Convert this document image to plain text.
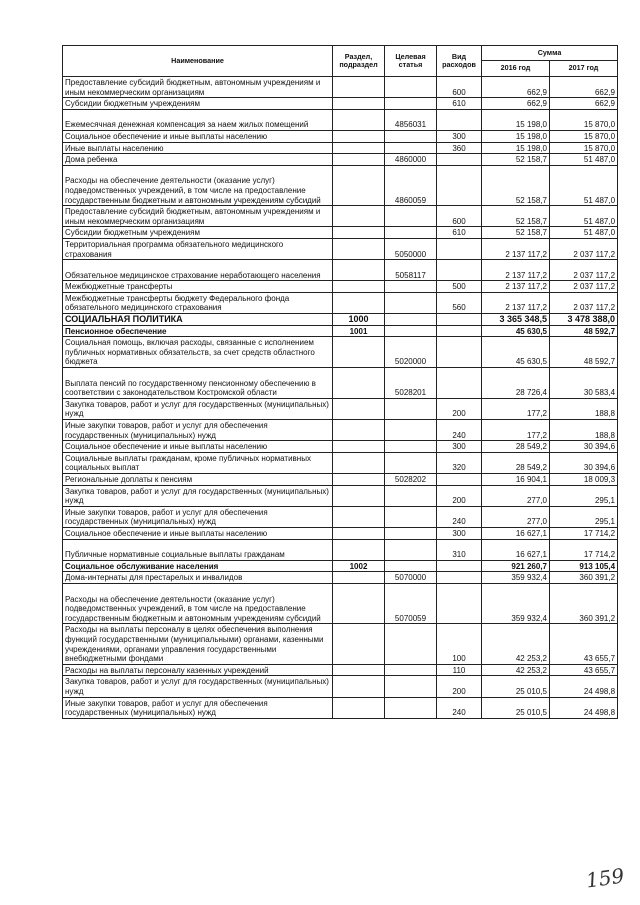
Наименование	Раздел, подраздел	Целевая статья	Вид расходов	Сумма	
				2016 год	2017 год
Предоставление субсидий бюджетным, автономным учреждениям и иным некоммерческим организациям			600	662,9	662,9
Субсидии бюджетным учреждениям			610	662,9	662,9
Ежемесячная денежная компенсация за наем жилых помещений		4856031		15 198,0	15 870,0
Социальное обеспечение и иные выплаты населению			300	15 198,0	15 870,0
Иные выплаты населению			360	15 198,0	15 870,0
Дома ребенка		4860000		52 158,7	51 487,0
Расходы на обеспечение деятельности (оказание услуг) подведомственных учреждений, в том числе на предоставление государственным бюджетным и автономным учреждениям субсидий		4860059		52 158,7	51 487,0
Предоставление субсидий бюджетным, автономным учреждениям и иным некоммерческим организациям			600	52 158,7	51 487,0
Субсидии бюджетным учреждениям			610	52 158,7	51 487,0
Территориальная программа обязательного медицинского страхования		5050000		2 137 117,2	2 037 117,2
Обязательное медицинское страхование неработающего населения		5058117		2 137 117,2	2 037 117,2
Межбюджетные трансферты			500	2 137 117,2	2 037 117,2
Межбюджетные трансферты бюджету Федерального фонда обязательного медицинского страхования			560	2 137 117,2	2 037 117,2
СОЦИАЛЬНАЯ ПОЛИТИКА	1000			3 365 348,5	3 478 388,0
Пенсионное обеспечение	1001			45 630,5	48 592,7
Социальная помощь, включая расходы, связанные с исполнением публичных нормативных обязательств, за счет средств областного бюджета		5020000		45 630,5	48 592,7
Выплата пенсий по государственному пенсионному обеспечению в соответствии с законодательством Костромской области		5028201		28 726,4	30 583,4
Закупка товаров, работ и услуг для государственных (муниципальных) нужд			200	177,2	188,8
Иные закупки товаров, работ и услуг для обеспечения государственных (муниципальных) нужд			240	177,2	188,8
Социальное обеспечение и иные выплаты населению			300	28 549,2	30 394,6
Социальные выплаты гражданам, кроме публичных нормативных социальных выплат			320	28 549,2	30 394,6
Региональные доплаты к пенсиям		5028202		16 904,1	18 009,3
Закупка товаров, работ и услуг для государственных (муниципальных) нужд			200	277,0	295,1
Иные закупки товаров, работ и услуг для обеспечения государственных (муниципальных) нужд			240	277,0	295,1
Социальное обеспечение и иные выплаты населению			300	16 627,1	17 714,2
Публичные нормативные социальные выплаты гражданам			310	16 627,1	17 714,2
Социальное обслуживание населения	1002			921 260,7	913 105,4
Дома-интернаты для престарелых и инвалидов		5070000		359 932,4	360 391,2
Расходы на обеспечение деятельности (оказание услуг) подведомственных учреждений, в том числе на предоставление государственным бюджетным и автономным учреждениям субсидий		5070059		359 932,4	360 391,2
Расходы на выплаты персоналу в целях обеспечения выполнения функций государственными (муниципальными) органами, казенными учреждениями, органами управления государственными внебюджетными фондами			100	42 253,2	43 655,7
Расходы на выплаты персоналу казенных учреждений			110	42 253,2	43 655,7
Закупка товаров, работ и услуг для государственных (муниципальных) нужд			200	25 010,5	24 498,8
Иные закупки товаров, работ и услуг для обеспечения государственных (муниципальных) нужд			240	25 010,5	24 498,8
159
